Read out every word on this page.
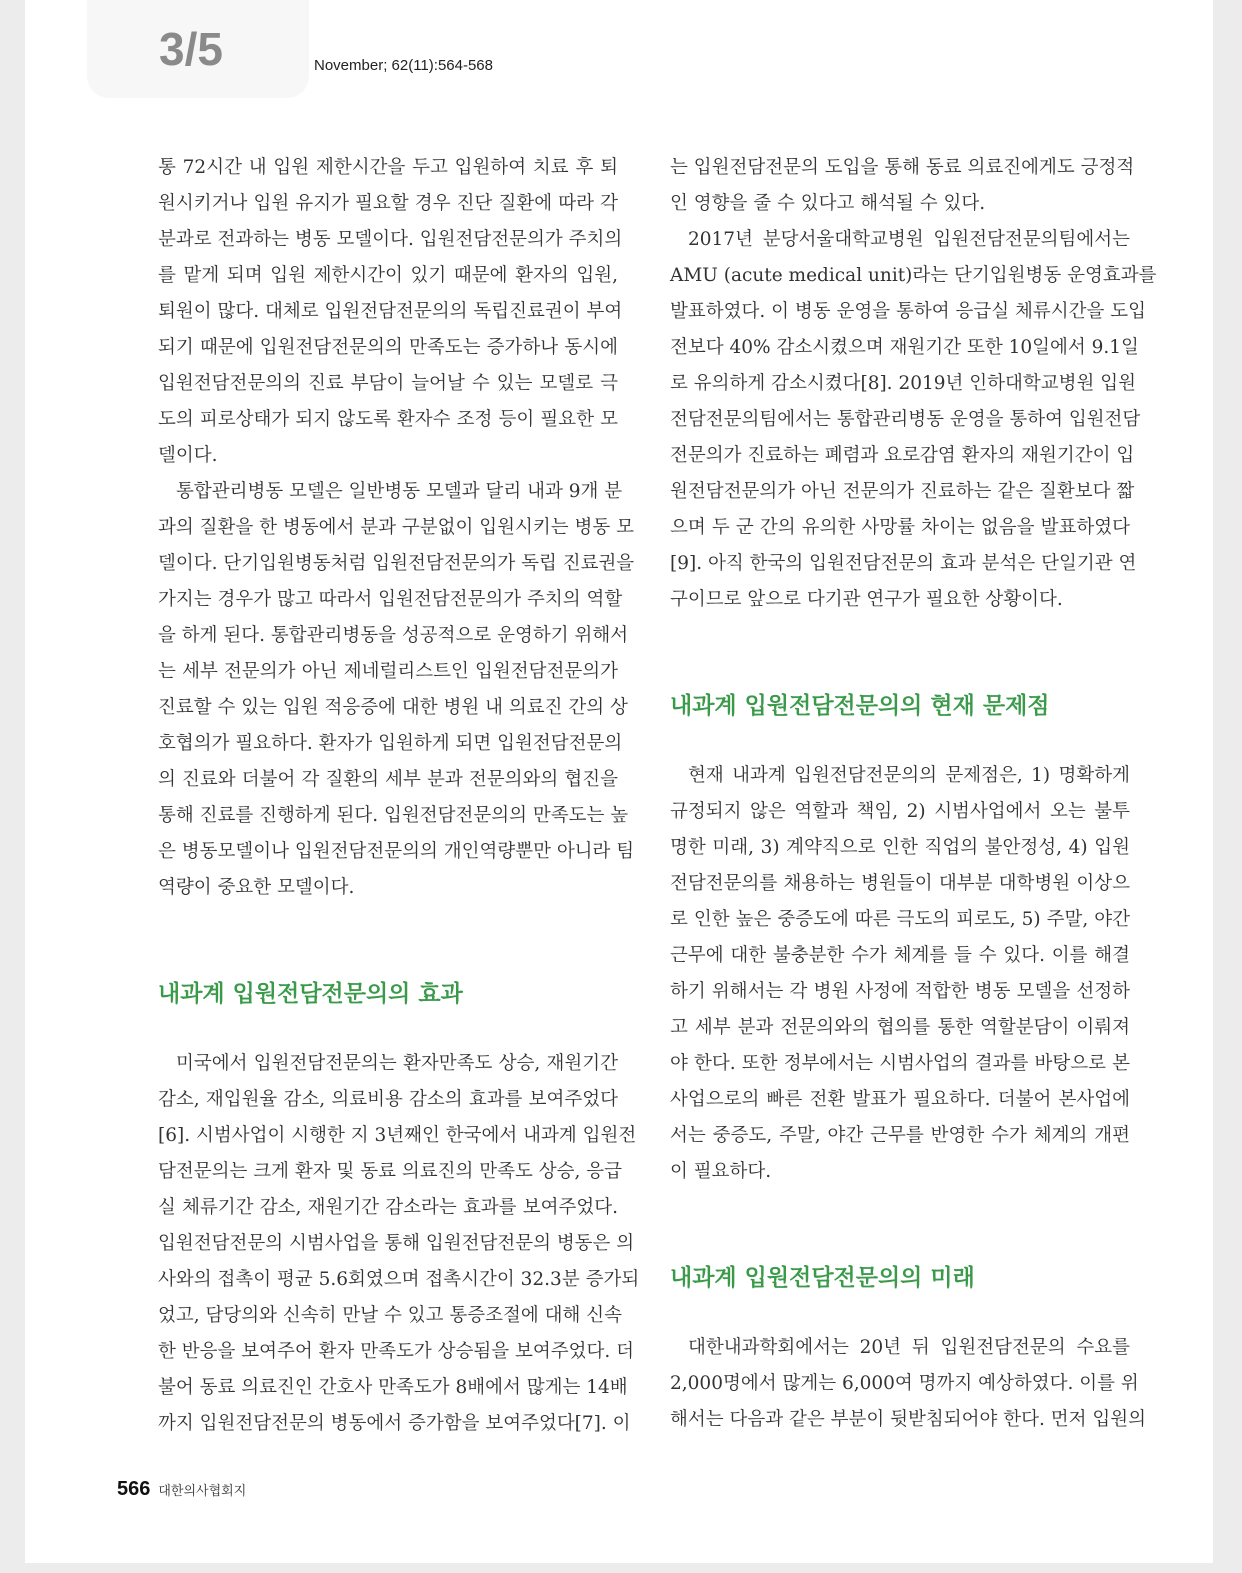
3/5	November; 62(11):564-568
통 72시간 내 입원 제한시간을 두고 입원하여 치료 후 퇴
원시키거나 입원 유지가 필요할 경우 진단 질환에 따라 각
분과로 전과하는 병동 모델이다. 입원전담전문의가 주치의
를 맡게 되며 입원 제한시간이 있기 때문에 환자의 입원,
퇴원이 많다. 대체로 입원전담전문의의 독립진료권이 부여
되기 때문에 입원전담전문의의 만족도는 증가하나 동시에
입원전담전문의의 진료 부담이 늘어날 수 있는 모델로 극
도의 피로상태가 되지 않도록 환자수 조정 등이 필요한 모
델이다.
통합관리병동 모델은 일반병동 모델과 달리 내과 9개 분
과의 질환을 한 병동에서 분과 구분없이 입원시키는 병동 모
델이다. 단기입원병동처럼 입원전담전문의가 독립 진료권을
가지는 경우가 많고 따라서 입원전담전문의가 주치의 역할
을 하게 된다. 통합관리병동을 성공적으로 운영하기 위해서
는 세부 전문의가 아닌 제네럴리스트인 입원전담전문의가
진료할 수 있는 입원 적응증에 대한 병원 내 의료진 간의 상
호협의가 필요하다. 환자가 입원하게 되면 입원전담전문의
의 진료와 더불어 각 질환의 세부 분과 전문의와의 협진을
통해 진료를 진행하게 된다. 입원전담전문의의 만족도는 높
은 병동모델이나 입원전담전문의의 개인역량뿐만 아니라 팀
역량이 중요한 모델이다.
내과계 입원전담전문의의 효과
미국에서 입원전담전문의는 환자만족도 상승, 재원기간
감소, 재입원율 감소, 의료비용 감소의 효과를 보여주었다
[6]. 시범사업이 시행한 지 3년째인 한국에서 내과계 입원전
담전문의는 크게 환자 및 동료 의료진의 만족도 상승, 응급
실 체류기간 감소, 재원기간 감소라는 효과를 보여주었다.
입원전담전문의 시범사업을 통해 입원전담전문의 병동은 의
사와의 접촉이 평균 5.6회였으며 접촉시간이 32.3분 증가되
었고, 담당의와 신속히 만날 수 있고 통증조절에 대해 신속
한 반응을 보여주어 환자 만족도가 상승됨을 보여주었다. 더
불어 동료 의료진인 간호사 만족도가 8배에서 많게는 14배
까지 입원전담전문의 병동에서 증가함을 보여주었다[7]. 이
는 입원전담전문의 도입을 통해 동료 의료진에게도 긍정적
인 영향을 줄 수 있다고 해석될 수 있다.
2017년 분당서울대학교병원 입원전담전문의팀에서는
AMU (acute medical unit)라는 단기입원병동 운영효과를
발표하였다. 이 병동 운영을 통하여 응급실 체류시간을 도입
전보다 40% 감소시켰으며 재원기간 또한 10일에서 9.1일
로 유의하게 감소시켰다[8]. 2019년 인하대학교병원 입원
전담전문의팀에서는 통합관리병동 운영을 통하여 입원전담
전문의가 진료하는 폐렴과 요로감염 환자의 재원기간이 입
원전담전문의가 아닌 전문의가 진료하는 같은 질환보다 짧
으며 두 군 간의 유의한 사망률 차이는 없음을 발표하였다
[9]. 아직 한국의 입원전담전문의 효과 분석은 단일기관 연
구이므로 앞으로 다기관 연구가 필요한 상황이다.
내과계 입원전담전문의의 현재 문제점
현재 내과계 입원전담전문의의 문제점은, 1) 명확하게
규정되지 않은 역할과 책임, 2) 시범사업에서 오는 불투
명한 미래, 3) 계약직으로 인한 직업의 불안정성, 4) 입원
전담전문의를 채용하는 병원들이 대부분 대학병원 이상으
로 인한 높은 중증도에 따른 극도의 피로도, 5) 주말, 야간
근무에 대한 불충분한 수가 체계를 들 수 있다. 이를 해결
하기 위해서는 각 병원 사정에 적합한 병동 모델을 선정하
고 세부 분과 전문의와의 협의를 통한 역할분담이 이뤄져
야 한다. 또한 정부에서는 시범사업의 결과를 바탕으로 본
사업으로의 빠른 전환 발표가 필요하다. 더불어 본사업에
서는 중증도, 주말, 야간 근무를 반영한 수가 체계의 개편
이 필요하다.
내과계 입원전담전문의의 미래
대한내과학회에서는 20년 뒤 입원전담전문의 수요를
2,000명에서 많게는 6,000여 명까지 예상하였다. 이를 위
해서는 다음과 같은 부분이 뒷받침되어야 한다. 먼저 입원의
566 대한의사협회지
